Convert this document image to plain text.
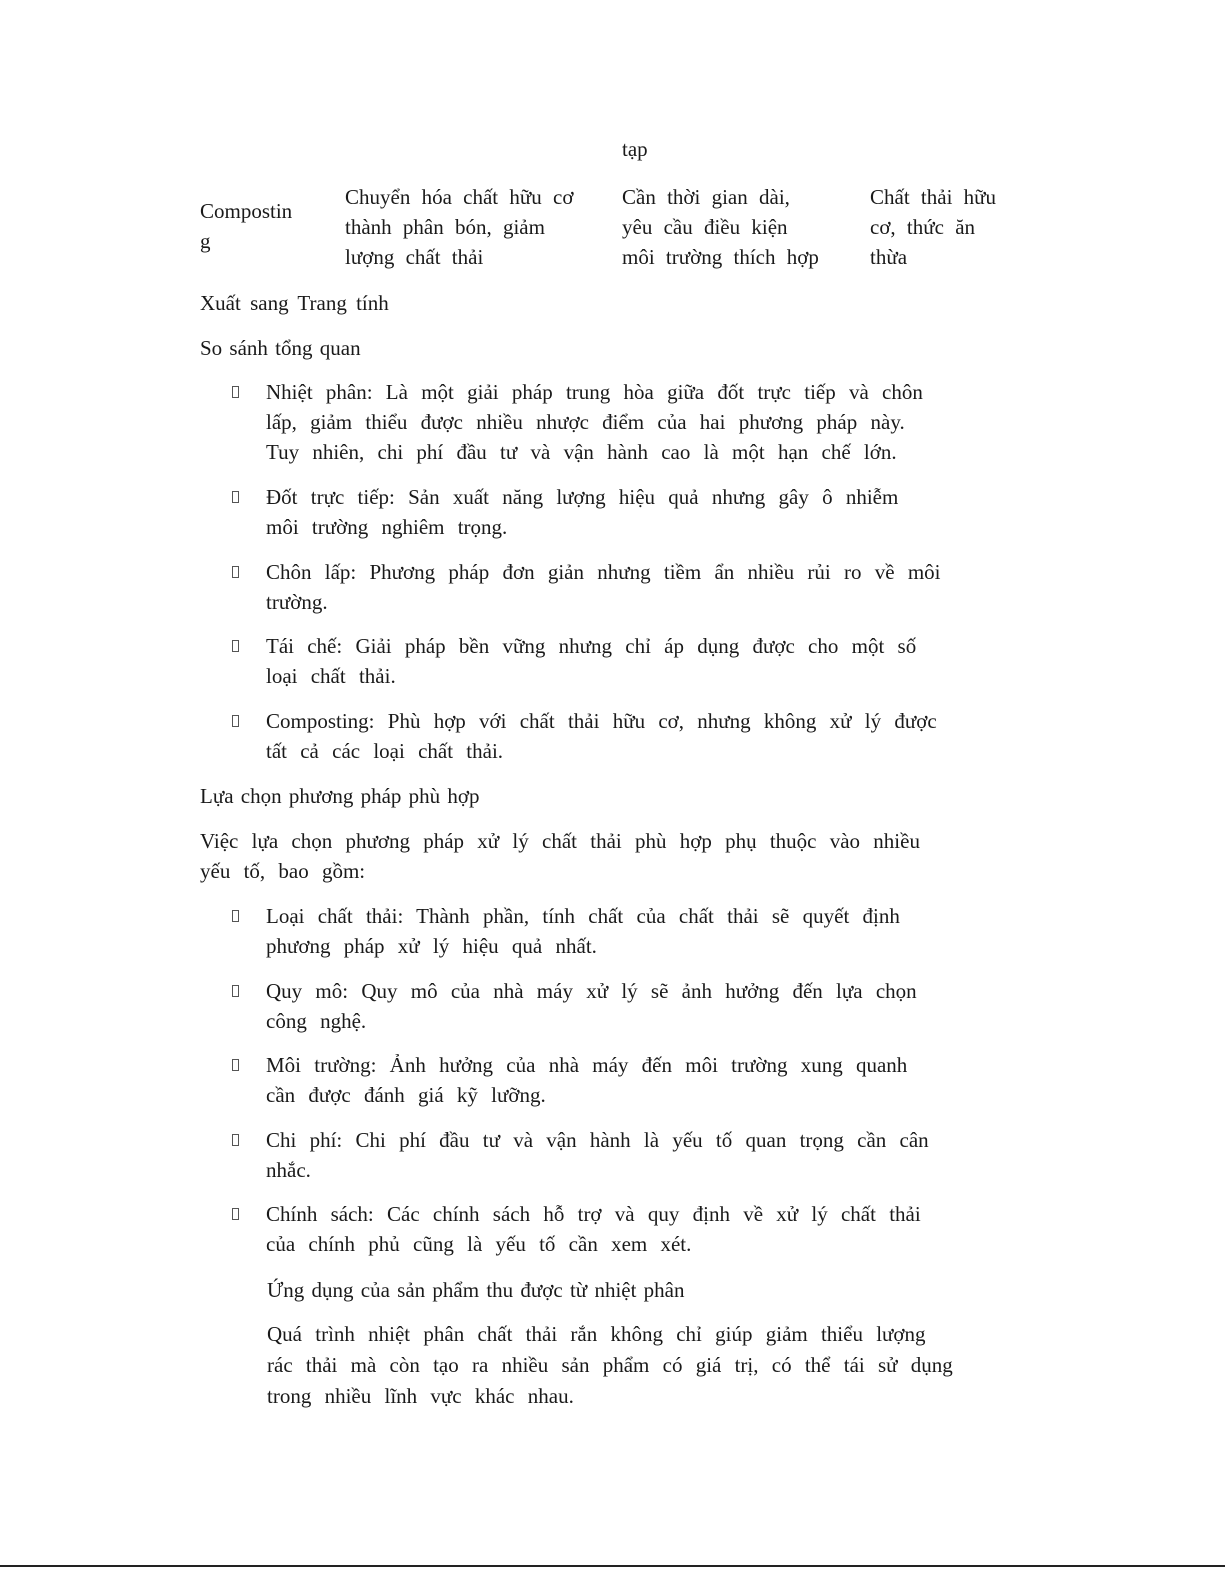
tạp
Compostin
g
Chuyển hóa chất hữu cơ
thành phân bón, giảm
lượng chất thải
Cần thời gian dài,
yêu cầu điều kiện
môi trường thích hợp
Chất thải hữu
cơ, thức ăn
thừa
Xuất sang Trang tính
So sánh tổng quan
Nhiệt phân: Là một giải pháp trung hòa giữa đốt trực tiếp và chôn
lấp, giảm thiểu được nhiều nhược điểm của hai phương pháp này.
Tuy nhiên, chi phí đầu tư và vận hành cao là một hạn chế lớn.
Đốt trực tiếp: Sản xuất năng lượng hiệu quả nhưng gây ô nhiễm
môi trường nghiêm trọng.
Chôn lấp: Phương pháp đơn giản nhưng tiềm ẩn nhiều rủi ro về môi
trường.
Tái chế: Giải pháp bền vững nhưng chỉ áp dụng được cho một số
loại chất thải.
Composting: Phù hợp với chất thải hữu cơ, nhưng không xử lý được
tất cả các loại chất thải.
Lựa chọn phương pháp phù hợp
Việc lựa chọn phương pháp xử lý chất thải phù hợp phụ thuộc vào nhiều
yếu tố, bao gồm:
Loại chất thải: Thành phần, tính chất của chất thải sẽ quyết định
phương pháp xử lý hiệu quả nhất.
Quy mô: Quy mô của nhà máy xử lý sẽ ảnh hưởng đến lựa chọn
công nghệ.
Môi trường: Ảnh hưởng của nhà máy đến môi trường xung quanh
cần được đánh giá kỹ lưỡng.
Chi phí: Chi phí đầu tư và vận hành là yếu tố quan trọng cần cân
nhắc.
Chính sách: Các chính sách hỗ trợ và quy định về xử lý chất thải
của chính phủ cũng là yếu tố cần xem xét.
Ứng dụng của sản phẩm thu được từ nhiệt phân
Quá trình nhiệt phân chất thải rắn không chỉ giúp giảm thiểu lượng
rác thải mà còn tạo ra nhiều sản phẩm có giá trị, có thể tái sử dụng
trong nhiều lĩnh vực khác nhau.
